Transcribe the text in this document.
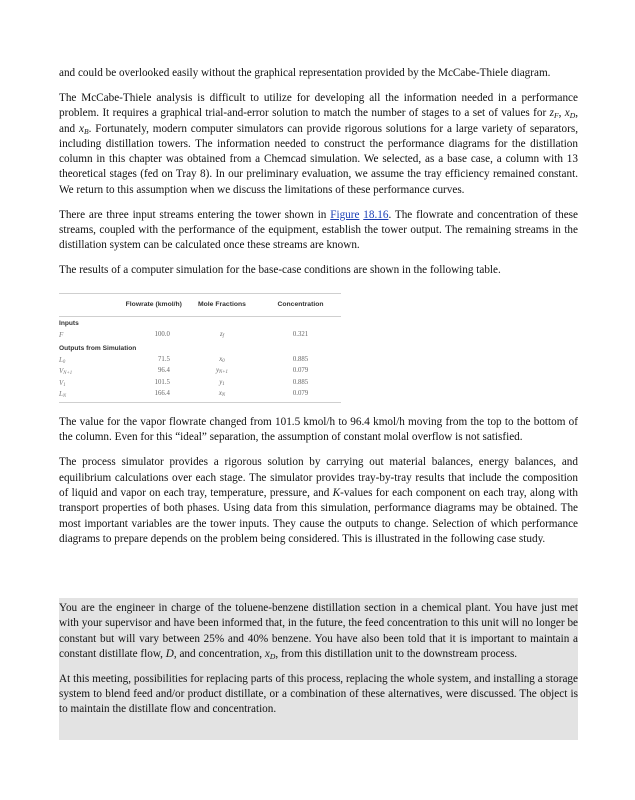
and could be overlooked easily without the graphical representation provided by the McCabe-Thiele diagram.

The McCabe-Thiele analysis is difficult to utilize for developing all the information needed in a performance problem. It requires a graphical trial-and-error solution to match the number of stages to a set of values for $z_F$, $x_D$, and $x_B$. Fortunately, modern computer simulators can provide rigorous solutions for a large variety of separators, including distillation towers. The information needed to construct the performance diagrams for the distillation column in this chapter was obtained from a Chemcad simulation. We selected, as a base case, a column with 13 theoretical stages (fed on Tray 8). In our preliminary evaluation, we assume the tray efficiency remained constant. We return to this assumption when we discuss the limitations of these performance curves.

There are three input streams entering the tower shown in Figure 18.16. The flowrate and concentration of these streams, coupled with the performance of the equipment, establish the tower output. The remaining streams in the distillation system can be calculated once these streams are known.

The results of a computer simulation for the base-case conditions are shown in the following table.

	Flowrate (kmol/h)	Mole Fractions	Concentration
Inputs			
F	100.0	$z_f$	0.321
Outputs from Simulation			
$L_0$	71.5	$x_0$	0.885
$V_{N+1}$	96.4	$y_{N+1}$	0.079
$V_1$	101.5	$y_1$	0.885
$L_N$	166.4	$x_N$	0.079

The value for the vapor flowrate changed from 101.5 kmol/h to 96.4 kmol/h moving from the top to the bottom of the column. Even for this “ideal” separation, the assumption of constant molal overflow is not satisfied.

The process simulator provides a rigorous solution by carrying out material balances, energy balances, and equilibrium calculations over each stage. The simulator provides tray-by-tray results that include the composition of liquid and vapor on each tray, temperature, pressure, and K-values for each component on each tray, along with transport properties of both phases. Using data from this simulation, performance diagrams may be obtained. The most important variables are the tower inputs. They cause the outputs to change. Selection of which performance diagrams to prepare depends on the problem being considered. This is illustrated in the following case study.

You are the engineer in charge of the toluene-benzene distillation section in a chemical plant. You have just met with your supervisor and have been informed that, in the future, the feed concentration to this unit will no longer be constant but will vary between 25% and 40% benzene. You have also been told that it is important to maintain a constant distillate flow, D, and concentration, $x_D$, from this distillation unit to the downstream process.

At this meeting, possibilities for replacing parts of this process, replacing the whole system, and installing a storage system to blend feed and/or product distillate, or a combination of these alternatives, were discussed. The object is to maintain the distillate flow and concentration.
